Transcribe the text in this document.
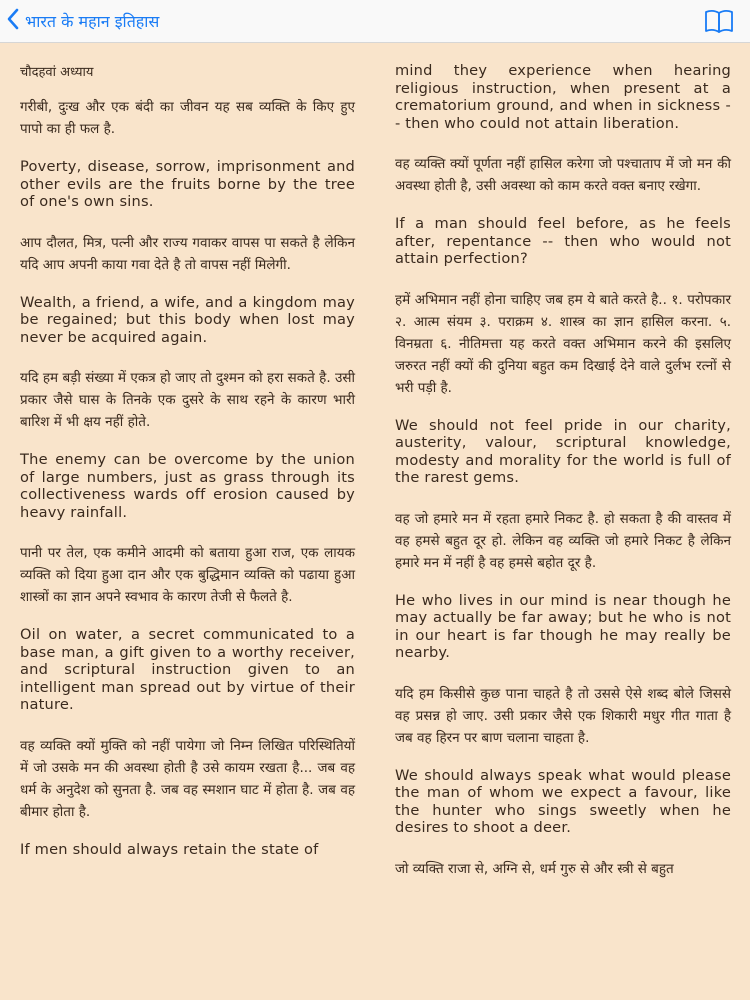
भारत के महान इतिहास

चौदहवां अध्याय

गरीबी, दुःख और एक बंदी का जीवन यह सब व्यक्ति के किए हुए पापो का ही फल है.

Poverty, disease, sorrow, imprisonment and other evils are the fruits borne by the tree of one's own sins.

आप दौलत, मित्र, पत्नी और राज्य गवाकर वापस पा सकते है लेकिन यदि आप अपनी काया गवा देते है तो वापस नहीं मिलेगी.

Wealth, a friend, a wife, and a kingdom may be regained; but this body when lost may never be acquired again.

यदि हम बड़ी संख्या में एकत्र हो जाए तो दुश्मन को हरा सकते है. उसी प्रकार जैसे घास के तिनके एक दुसरे के साथ रहने के कारण भारी बारिश में भी क्षय नहीं होते.

The enemy can be overcome by the union of large numbers, just as grass through its collectiveness wards off erosion caused by heavy rainfall.

पानी पर तेल, एक कमीने आदमी को बताया हुआ राज, एक लायक व्यक्ति को दिया हुआ दान और एक बुद्धिमान व्यक्ति को पढाया हुआ शास्त्रों का ज्ञान अपने स्वभाव के कारण तेजी से फैलते है.

Oil on water, a secret communicated to a base man, a gift given to a worthy receiver, and scriptural instruction given to an intelligent man spread out by virtue of their nature.

वह व्यक्ति क्यों मुक्ति को नहीं पायेगा जो निम्न लिखित परिस्थितियों में जो उसके मन की अवस्था होती है उसे कायम रखता है... जब वह धर्म के अनुदेश को सुनता है. जब वह स्मशान घाट में होता है. जब वह बीमार होता है.

If men should always retain the state of

mind they experience when hearing religious instruction, when present at a crematorium ground, and when in sickness -- then who could not attain liberation.

वह व्यक्ति क्यों पूर्णता नहीं हासिल करेगा जो पश्चाताप में जो मन की अवस्था होती है, उसी अवस्था को काम करते वक्त बनाए रखेगा.

If a man should feel before, as he feels after, repentance -- then who would not attain perfection?

हमें अभिमान नहीं होना चाहिए जब हम ये बाते करते है.. १. परोपकार २. आत्म संयम ३. पराक्रम ४. शास्त्र का ज्ञान हासिल करना. ५. विनम्रता ६. नीतिमत्ता यह करते वक्त अभिमान करने की इसलिए जरुरत नहीं क्यों की दुनिया बहुत कम दिखाई देने वाले दुर्लभ रत्नों से भरी पड़ी है.

We should not feel pride in our charity, austerity, valour, scriptural knowledge, modesty and morality for the world is full of the rarest gems.

वह जो हमारे मन में रहता हमारे निकट है. हो सकता है की वास्तव में वह हमसे बहुत दूर हो. लेकिन वह व्यक्ति जो हमारे निकट है लेकिन हमारे मन में नहीं है वह हमसे बहोत दूर है.

He who lives in our mind is near though he may actually be far away; but he who is not in our heart is far though he may really be nearby.

यदि हम किसीसे कुछ पाना चाहते है तो उससे ऐसे शब्द बोले जिससे वह प्रसन्न हो जाए. उसी प्रकार जैसे एक शिकारी मधुर गीत गाता है जब वह हिरन पर बाण चलाना चाहता है.

We should always speak what would please the man of whom we expect a favour, like the hunter who sings sweetly when he desires to shoot a deer.

जो व्यक्ति राजा से, अग्नि से, धर्म गुरु से और स्त्री से बहुत
